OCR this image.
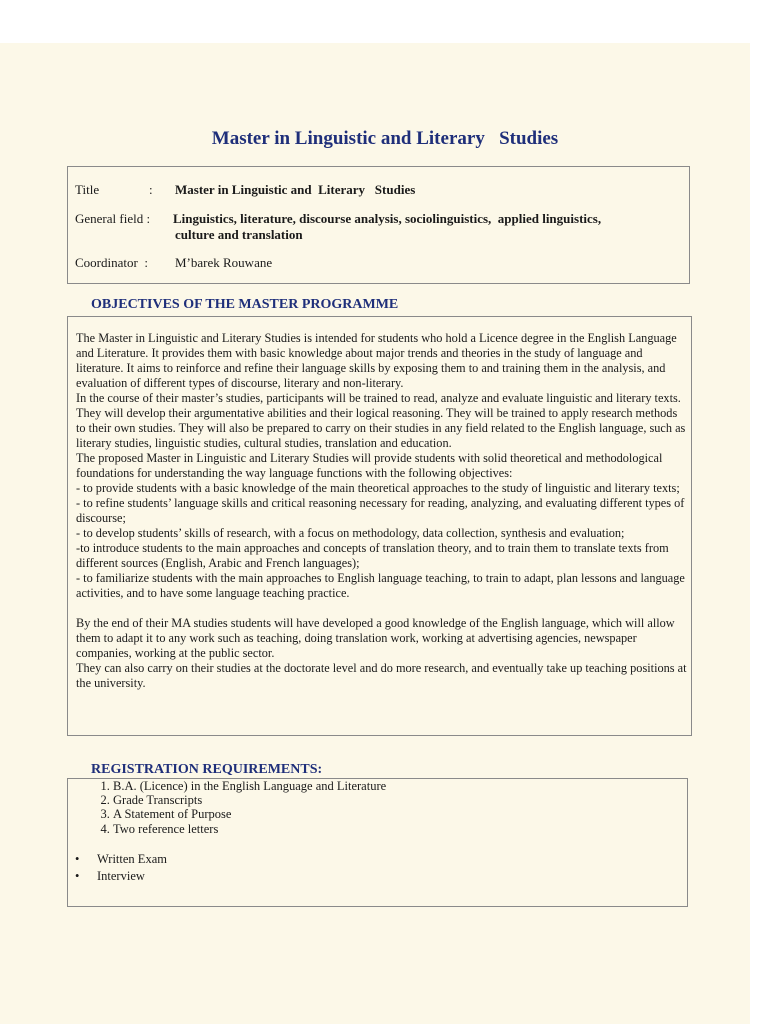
Master in Linguistic and Literary   Studies
Title	: Master in Linguistic and  Literary   Studies
General field : Linguistics, literature, discourse analysis, sociolinguistics,  applied linguistics,
culture and translation
Coordinator  : M’barek Rouwane
OBJECTIVES OF THE MASTER PROGRAMME

The Master in Linguistic and Literary Studies is intended for students who hold a Licence degree in the English Language and Literature. It provides them with basic knowledge about major trends and theories in the study of language and literature. It aims to reinforce and refine their language skills by exposing them to and training them in the analysis, and evaluation of different types of discourse, literary and non-literary.

In the course of their master’s studies, participants will be trained to read, analyze and evaluate linguistic and literary texts. They will develop their argumentative abilities and their logical reasoning. They will be trained to apply research methods to their own studies. They will also be prepared to carry on their studies in any field related to the English language, such as literary studies, linguistic studies, cultural studies, translation and education.

The proposed Master in Linguistic and Literary Studies will provide students with solid theoretical and methodological foundations for understanding the way language functions with the following objectives:

- to provide students with a basic knowledge of the main theoretical approaches to the study of linguistic and literary texts;

- to refine students’ language skills and critical reasoning necessary for reading, analyzing, and evaluating different types of discourse;

- to develop students’ skills of research, with a focus on methodology, data collection, synthesis and evaluation;

-to introduce students to the main approaches and concepts of translation theory, and to train them to translate texts from different sources (English, Arabic and French languages);

- to familiarize students with the main approaches to English language teaching, to train to adapt, plan lessons and language activities, and to have some language teaching practice.

By the end of their MA studies students will have developed a good knowledge of the English language, which will allow them to adapt it to any work such as teaching, doing translation work, working at advertising agencies, newspaper companies, working at the public sector.

They can also carry on their studies at the doctorate level and do more research, and eventually take up teaching positions at the university.

REGISTRATION REQUIREMENTS:
1. B.A. (Licence) in the English Language and Literature
2. Grade Transcripts
3. A Statement of Purpose
4. Two reference letters
• Written Exam
• Interview
